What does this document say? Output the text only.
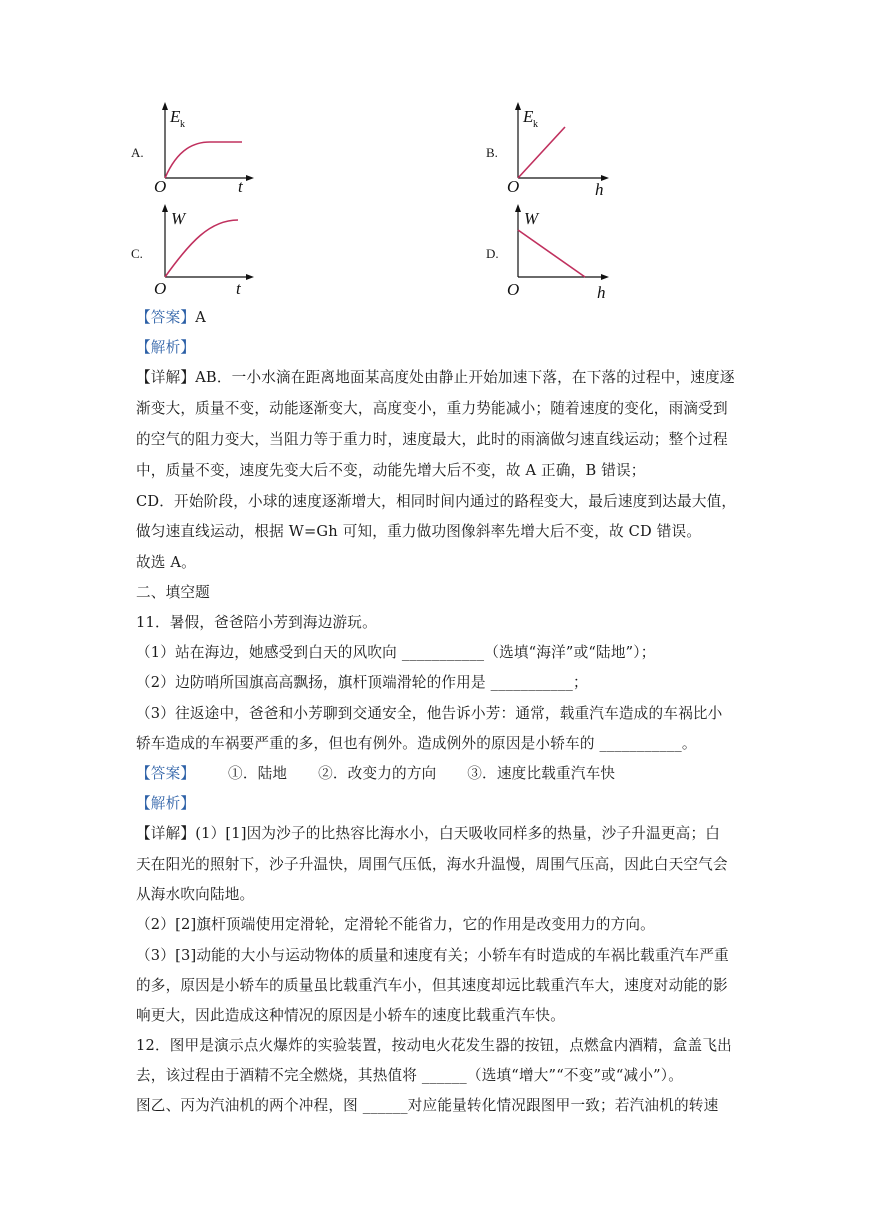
A.	B.
C.	D.
E k
O	t
E k
O	h
W
O	t
W
O	h
【答案】A
【解析】
【详解】AB．一小水滴在距离地面某高度处由静止开始加速下落，在下落的过程中，速度逐
渐变大，质量不变，动能逐渐变大，高度变小，重力势能减小；随着速度的变化，雨滴受到
的空气的阻力变大，当阻力等于重力时，速度最大，此时的雨滴做匀速直线运动；整个过程
中，质量不变，速度先变大后不变，动能先增大后不变，故 A 正确，B 错误；
CD．开始阶段，小球的速度逐渐增大，相同时间内通过的路程变大，最后速度到达最大值，
做匀速直线运动，根据 W=Gh 可知，重力做功图像斜率先增大后不变，故 CD 错误。
故选 A。
二、填空题
11．暑假，爸爸陪小芳到海边游玩。
（1）站在海边，她感受到白天的风吹向 ___________（选填“海洋”或“陆地”）；
（2）边防哨所国旗高高飘扬，旗杆顶端滑轮的作用是 ___________；
（3）往返途中，爸爸和小芳聊到交通安全，他告诉小芳：通常，载重汽车造成的车祸比小
轿车造成的车祸要严重的多，但也有例外。造成例外的原因是小轿车的 ___________。
【答案】 ①．陆地 ②．改变力的方向 ③．速度比载重汽车快
【解析】
【详解】(1）[1]因为沙子的比热容比海水小，白天吸收同样多的热量，沙子升温更高；白
天在阳光的照射下，沙子升温快，周围气压低，海水升温慢，周围气压高，因此白天空气会
从海水吹向陆地。
（2）[2]旗杆顶端使用定滑轮，定滑轮不能省力，它的作用是改变用力的方向。
（3）[3]动能的大小与运动物体的质量和速度有关；小轿车有时造成的车祸比载重汽车严重
的多，原因是小轿车的质量虽比载重汽车小，但其速度却远比载重汽车大，速度对动能的影
响更大，因此造成这种情况的原因是小轿车的速度比载重汽车快。
12．图甲是演示点火爆炸的实验装置，按动电火花发生器的按钮，点燃盒内酒精，盒盖飞出
去，该过程由于酒精不完全燃烧，其热值将 ______（选填“增大”“不变”或“减小”）。
图乙、丙为汽油机的两个冲程，图 ______对应能量转化情况跟图甲一致；若汽油机的转速
